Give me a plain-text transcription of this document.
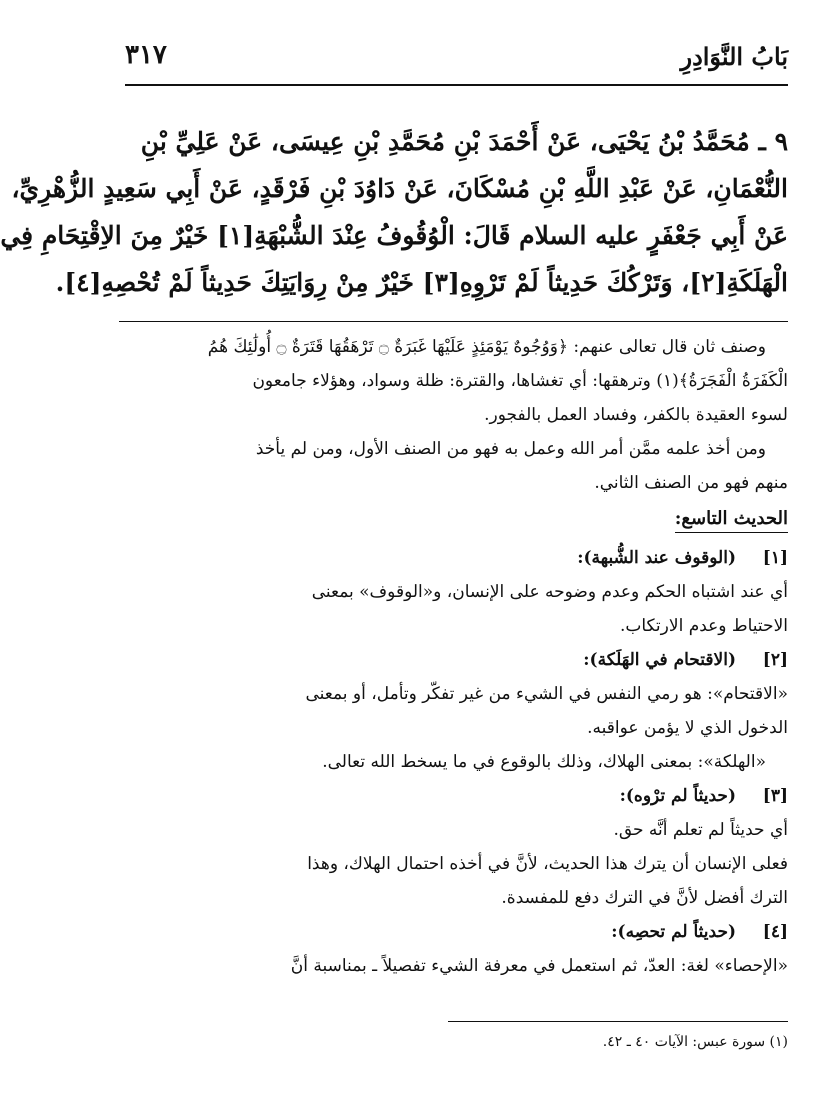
بَابُ النَّوَادِرِ
٣١٧
٩ ـ مُحَمَّدُ بْنُ يَحْيَى، عَنْ أَحْمَدَ بْنِ مُحَمَّدِ بْنِ عِيسَى، عَنْ عَلِيِّ بْنِ
النُّعْمَانِ، عَنْ عَبْدِ اللَّهِ بْنِ مُسْكَانَ، عَنْ دَاوُدَ بْنِ فَرْقَدٍ، عَنْ أَبِي سَعِيدٍ الزُّهْرِيِّ،
عَنْ أَبِي جَعْفَرٍ عليه السلام قَالَ: الْوُقُوفُ عِنْدَ الشُّبْهَةِ[١] خَيْرٌ مِنَ الاِقْتِحَامِ فِي
الْهَلَكَةِ[٢]، وَتَرْكُكَ حَدِيثاً لَمْ تَرْوِهِ[٣] خَيْرٌ مِنْ رِوَايَتِكَ حَدِيثاً لَمْ تُحْصِهِ[٤].
وصنف ثان قال تعالى عنهم: ﴿وَوُجُوهٌ يَوْمَئِذٍ عَلَيْهَا غَبَرَةٌ ۝ تَرْهَقُهَا قَتَرَةٌ ۝ أُولَٰئِكَ هُمُ
الْكَفَرَةُ الْفَجَرَةُ﴾(١) وترهقها: أي تغشاها، والقترة: ظلة وسواد، وهؤلاء جامعون
لسوء العقيدة بالكفر، وفساد العمل بالفجور.
ومن أخذ علمه ممَّن أمر الله وعمل به فهو من الصنف الأول، ومن لم يأخذ
منهم فهو من الصنف الثاني.
الحديث التاسع:
[١]
(الوقوف عند الشُّبهة):
أي عند اشتباه الحكم وعدم وضوحه على الإنسان، و«الوقوف» بمعنى
الاحتياط وعدم الارتكاب.
[٢]
(الاقتحام في الهَلَكة):
«الاقتحام»: هو رمي النفس في الشيء من غير تفكّر وتأمل، أو بمعنى
الدخول الذي لا يؤمن عواقبه.
«الهلكة»: بمعنى الهلاك، وذلك بالوقوع في ما يسخط الله تعالى.
[٣]
(حديثاً لم ترْوه):
أي حديثاً لم تعلم أنَّه حق.
فعلى الإنسان أن يترك هذا الحديث، لأنَّ في أخذه احتمال الهلاك، وهذا
الترك أفضل لأنَّ في الترك دفع للمفسدة.
[٤]
(حديثاً لم تحصِه):
«الإحصاء» لغة: العدّ، ثم استعمل في معرفة الشيء تفصيلاً ـ بمناسبة أنَّ
(١) سورة عبس: الآيات ٤٠ ـ ٤٢.
